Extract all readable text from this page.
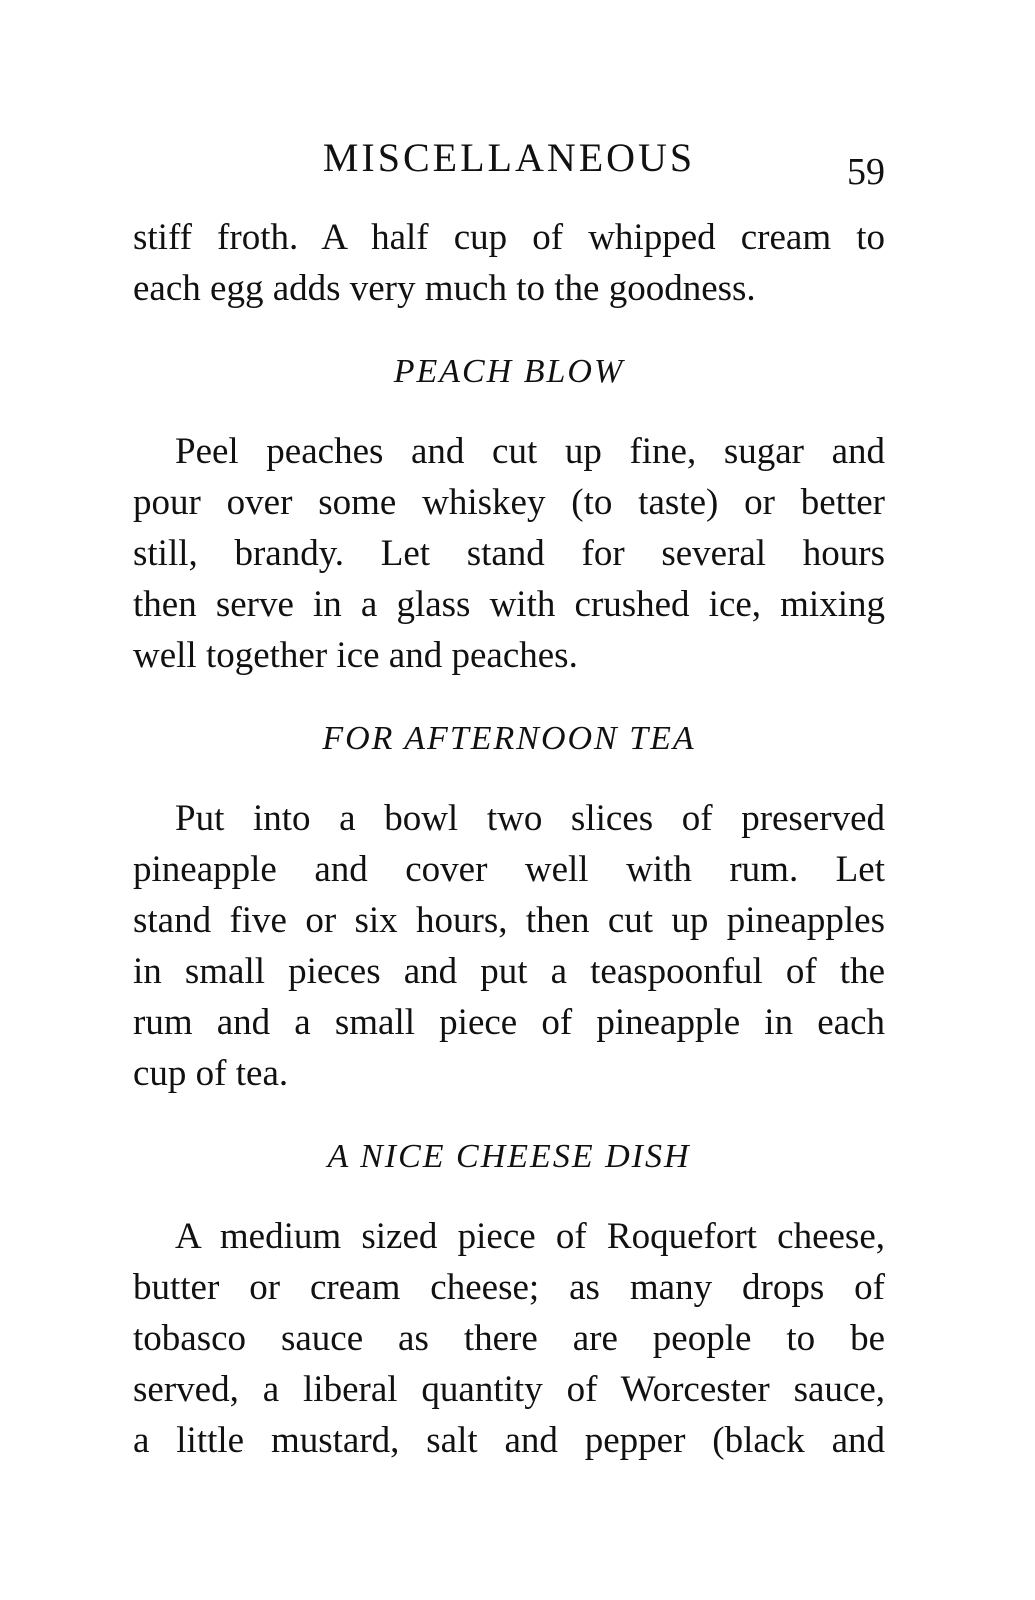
MISCELLANEOUS	59

stiff froth. A half cup of whipped cream to
each egg adds very much to the goodness.

PEACH BLOW

Peel peaches and cut up fine, sugar and
pour over some whiskey (to taste) or better
still, brandy. Let stand for several hours
then serve in a glass with crushed ice, mixing
well together ice and peaches.

FOR AFTERNOON TEA

Put into a bowl two slices of preserved
pineapple and cover well with rum. Let
stand five or six hours, then cut up pineapples
in small pieces and put a teaspoonful of the
rum and a small piece of pineapple in each
cup of tea.

A NICE CHEESE DISH

A medium sized piece of Roquefort cheese,
butter or cream cheese; as many drops of
tobasco sauce as there are people to be
served, a liberal quantity of Worcester sauce,
a little mustard, salt and pepper (black and
